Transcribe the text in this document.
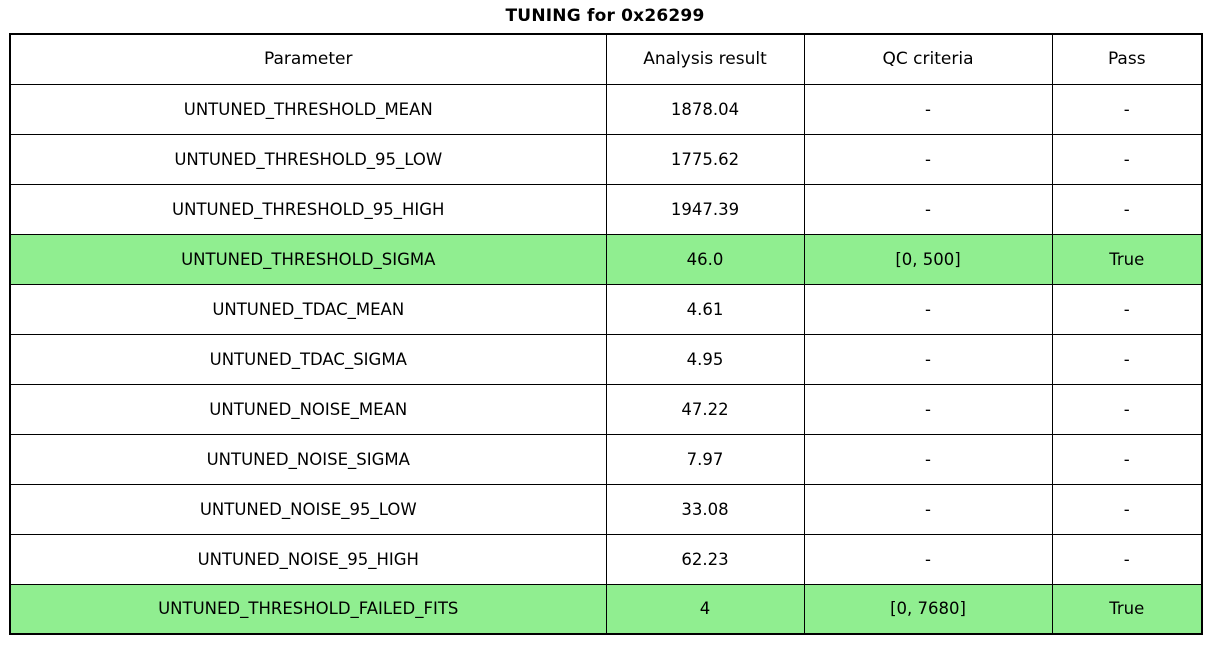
TUNING for 0x26299
Parameter	Analysis result	QC criteria	Pass
UNTUNED_THRESHOLD_MEAN	1878.04	-	-
UNTUNED_THRESHOLD_95_LOW	1775.62	-	-
UNTUNED_THRESHOLD_95_HIGH	1947.39	-	-
UNTUNED_THRESHOLD_SIGMA	46.0	[0, 500]	True
UNTUNED_TDAC_MEAN	4.61	-	-
UNTUNED_TDAC_SIGMA	4.95	-	-
UNTUNED_NOISE_MEAN	47.22	-	-
UNTUNED_NOISE_SIGMA	7.97	-	-
UNTUNED_NOISE_95_LOW	33.08	-	-
UNTUNED_NOISE_95_HIGH	62.23	-	-
UNTUNED_THRESHOLD_FAILED_FITS	4	[0, 7680]	True
